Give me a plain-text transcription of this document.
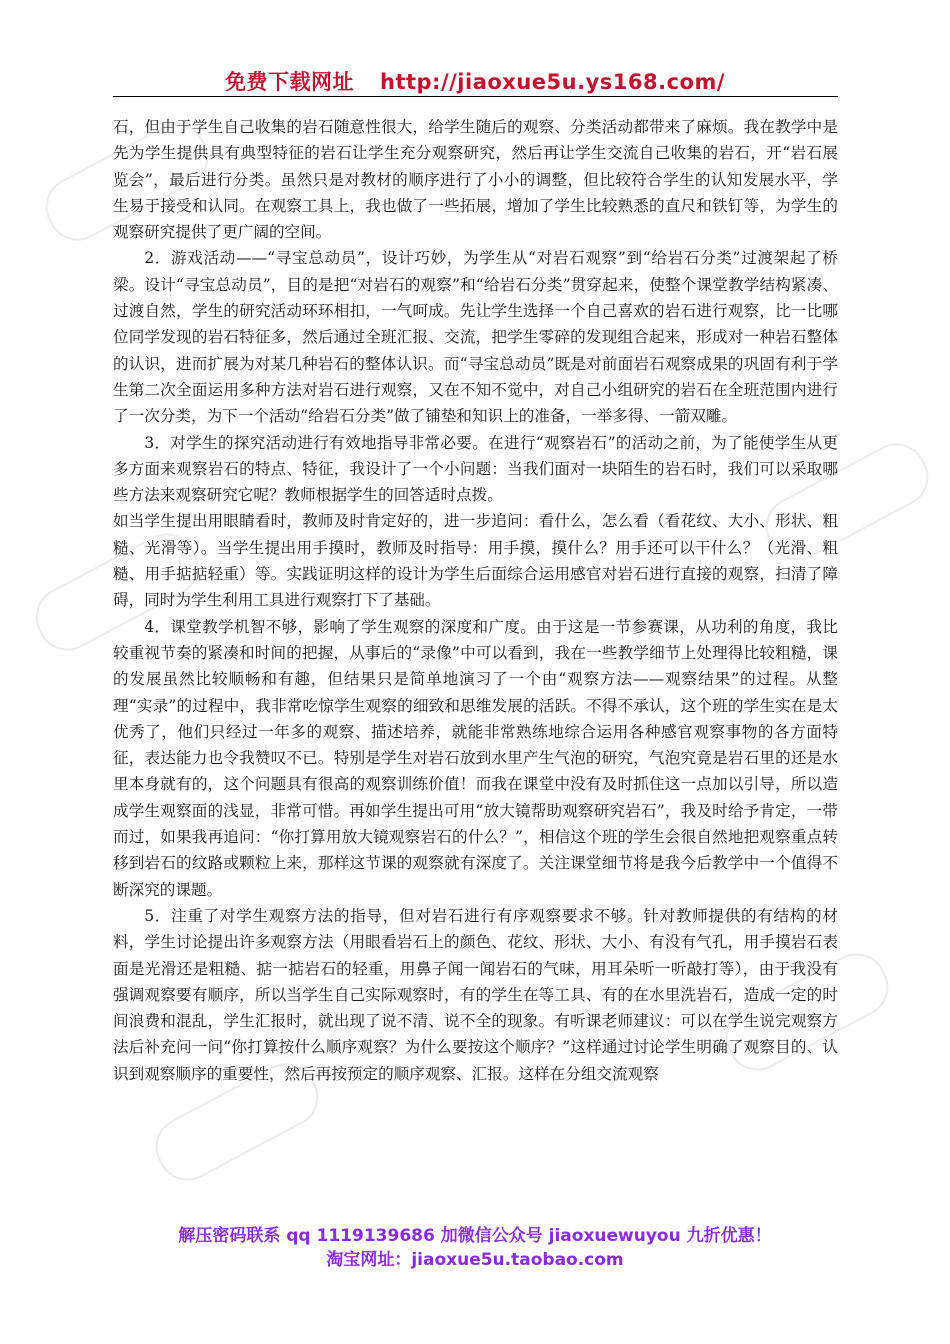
免费下载网址 http://jiaoxue5u.ys168.com/

石，但由于学生自己收集的岩石随意性很大，给学生随后的观察、分类活动都带来了麻烦。我在教学中是先为学生提供具有典型特征的岩石让学生充分观察研究，然后再让学生交流自己收集的岩石，开“岩石展览会”，最后进行分类。虽然只是对教材的顺序进行了小小的调整，但比较符合学生的认知发展水平，学生易于接受和认同。在观察工具上，我也做了一些拓展，增加了学生比较熟悉的直尺和铁钉等，为学生的观察研究提供了更广阔的空间。

2．游戏活动——“寻宝总动员”，设计巧妙，为学生从“对岩石观察”到“给岩石分类”过渡架起了桥梁。设计“寻宝总动员”，目的是把“对岩石的观察”和“给岩石分类”贯穿起来，使整个课堂教学结构紧凑、过渡自然，学生的研究活动环环相扣，一气呵成。先让学生选择一个自己喜欢的岩石进行观察，比一比哪位同学发现的岩石特征多，然后通过全班汇报、交流，把学生零碎的发现组合起来，形成对一种岩石整体的认识，进而扩展为对某几种岩石的整体认识。而“寻宝总动员”既是对前面岩石观察成果的巩固有利于学生第二次全面运用多种方法对岩石进行观察，又在不知不觉中，对自己小组研究的岩石在全班范围内进行了一次分类，为下一个活动“给岩石分类”做了铺垫和知识上的准备，一举多得、一箭双雕。

3．对学生的探究活动进行有效地指导非常必要。在进行“观察岩石”的活动之前，为了能使学生从更多方面来观察岩石的特点、特征，我设计了一个小问题：当我们面对一块陌生的岩石时，我们可以采取哪些方法来观察研究它呢？教师根据学生的回答适时点拨。

如当学生提出用眼睛看时，教师及时肯定好的，进一步追问：看什么，怎么看（看花纹、大小、形状、粗糙、光滑等）。当学生提出用手摸时，教师及时指导：用手摸，摸什么？用手还可以干什么？（光滑、粗糙、用手掂掂轻重）等。实践证明这样的设计为学生后面综合运用感官对岩石进行直接的观察，扫清了障碍，同时为学生利用工具进行观察打下了基础。

4．课堂教学机智不够，影响了学生观察的深度和广度。由于这是一节参赛课，从功利的角度，我比较重视节奏的紧凑和时间的把握，从事后的“录像”中可以看到，我在一些教学细节上处理得比较粗糙，课的发展虽然比较顺畅和有趣，但结果只是简单地演习了一个由“观察方法——观察结果”的过程。从整理“实录”的过程中，我非常吃惊学生观察的细致和思维发展的活跃。不得不承认，这个班的学生实在是太优秀了，他们只经过一年多的观察、描述培养，就能非常熟练地综合运用各种感官观察事物的各方面特征，表达能力也令我赞叹不已。特别是学生对岩石放到水里产生气泡的研究，气泡究竟是岩石里的还是水里本身就有的，这个问题具有很高的观察训练价值！而我在课堂中没有及时抓住这一点加以引导，所以造成学生观察面的浅显，非常可惜。再如学生提出可用“放大镜帮助观察研究岩石”，我及时给予肯定，一带而过，如果我再追问：“你打算用放大镜观察岩石的什么？”，相信这个班的学生会很自然地把观察重点转移到岩石的纹路或颗粒上来，那样这节课的观察就有深度了。关注课堂细节将是我今后教学中一个值得不断深究的课题。

5．注重了对学生观察方法的指导，但对岩石进行有序观察要求不够。针对教师提供的有结构的材料，学生讨论提出许多观察方法（用眼看岩石上的颜色、花纹、形状、大小、有没有气孔，用手摸岩石表面是光滑还是粗糙、掂一掂岩石的轻重，用鼻子闻一闻岩石的气味，用耳朵听一听敲打等），由于我没有强调观察要有顺序，所以当学生自己实际观察时，有的学生在等工具、有的在水里洗岩石，造成一定的时间浪费和混乱，学生汇报时，就出现了说不清、说不全的现象。有听课老师建议：可以在学生说完观察方法后补充问一问“你打算按什么顺序观察？为什么要按这个顺序？”这样通过讨论学生明确了观察目的、认识到观察顺序的重要性，然后再按预定的顺序观察、汇报。这样在分组交流观察

解压密码联系 qq 1119139686 加微信公众号 jiaoxuewuyou 九折优惠！
淘宝网址：jiaoxue5u.taobao.com
